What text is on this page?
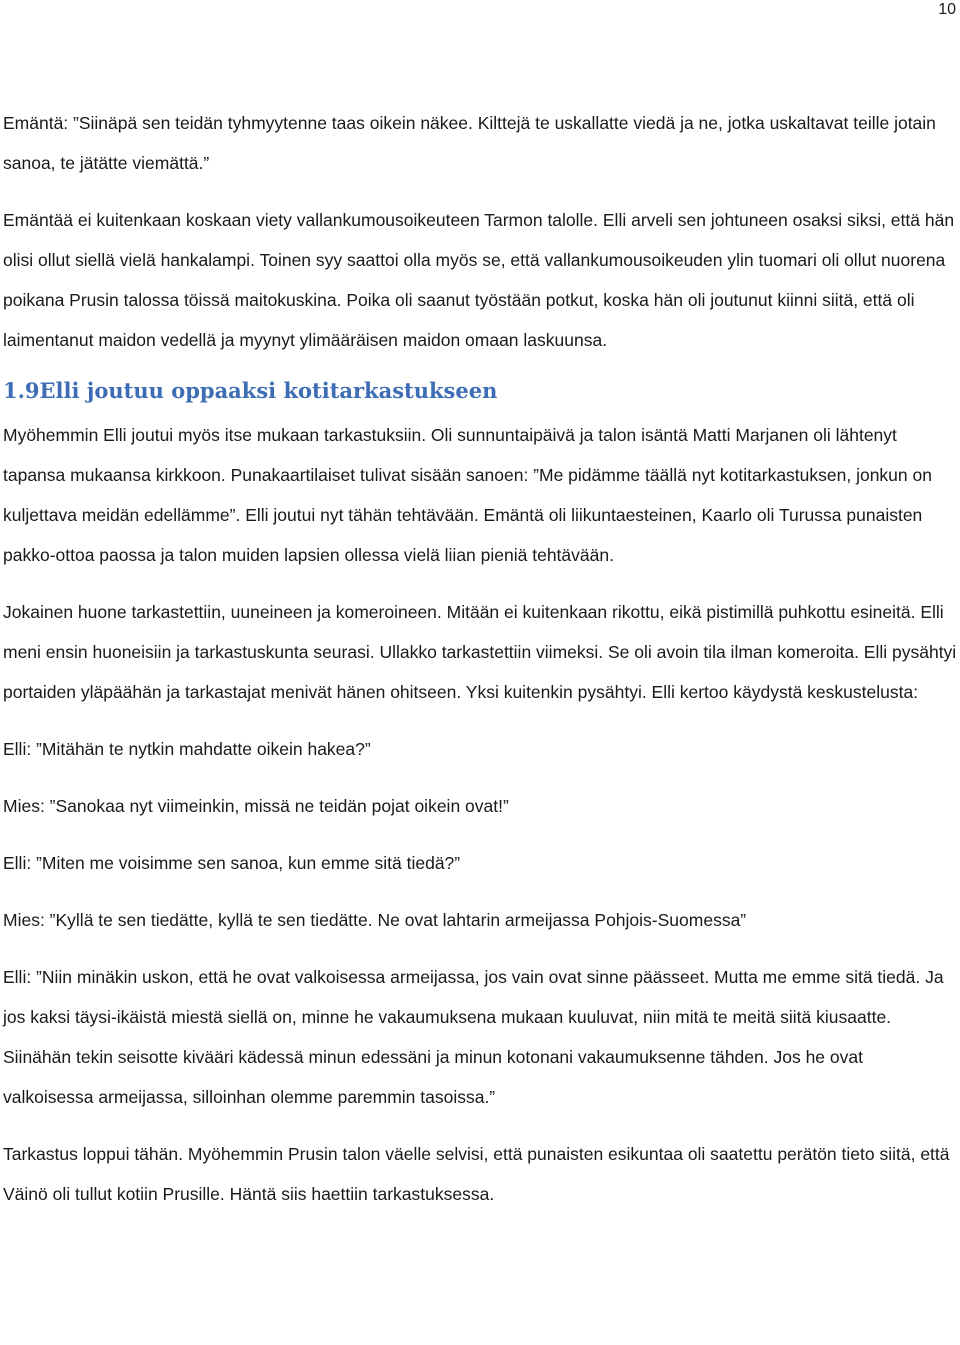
10

Emäntä: ”Siinäpä sen teidän tyhmyytenne taas oikein näkee. Kilttejä te uskallatte viedä ja ne, jotka uskaltavat teille jotain sanoa, te jätätte viemättä.”

Emäntää ei kuitenkaan koskaan viety vallankumousoikeuteen Tarmon talolle. Elli arveli sen johtuneen osaksi siksi, että hän olisi ollut siellä vielä hankalampi. Toinen syy saattoi olla myös se, että vallankumousoikeuden ylin tuomari oli ollut nuorena poikana Prusin talossa töissä maitokuskina. Poika oli saanut työstään potkut, koska hän oli joutunut kiinni siitä, että oli laimentanut maidon vedellä ja myynyt ylimääräisen maidon omaan laskuunsa.

1.9Elli joutuu oppaaksi kotitarkastukseen

Myöhemmin Elli joutui myös itse mukaan tarkastuksiin. Oli sunnuntaipäivä ja talon isäntä Matti Marjanen oli lähtenyt tapansa mukaansa kirkkoon. Punakaartilaiset tulivat sisään sanoen: ”Me pidämme täällä nyt kotitarkastuksen, jonkun on kuljettava meidän edellämme”. Elli joutui nyt tähän tehtävään. Emäntä oli liikuntaesteinen, Kaarlo oli Turussa punaisten pakko-ottoa paossa ja talon muiden lapsien ollessa vielä liian pieniä tehtävään.

Jokainen huone tarkastettiin, uuneineen ja komeroineen. Mitään ei kuitenkaan rikottu, eikä pistimillä puhkottu esineitä. Elli meni ensin huoneisiin ja tarkastuskunta seurasi. Ullakko tarkastettiin viimeksi. Se oli avoin tila ilman komeroita. Elli pysähtyi portaiden yläpäähän ja tarkastajat menivät hänen ohitseen. Yksi kuitenkin pysähtyi. Elli kertoo käydystä keskustelusta:

Elli: ”Mitähän te nytkin mahdatte oikein hakea?”

Mies: ”Sanokaa nyt viimeinkin, missä ne teidän pojat oikein ovat!”

Elli: ”Miten me voisimme sen sanoa, kun emme sitä tiedä?”

Mies: ”Kyllä te sen tiedätte, kyllä te sen tiedätte. Ne ovat lahtarin armeijassa Pohjois-Suomessa”

Elli: ”Niin minäkin uskon, että he ovat valkoisessa armeijassa, jos vain ovat sinne päässeet. Mutta me emme sitä tiedä. Ja jos kaksi täysi-ikäistä miestä siellä on, minne he vakaumuksena mukaan kuuluvat, niin mitä te meitä siitä kiusaatte. Siinähän tekin seisotte kivääri kädessä minun edessäni ja minun kotonani vakaumuksenne tähden. Jos he ovat valkoisessa armeijassa, silloinhan olemme paremmin tasoissa.”

Tarkastus loppui tähän. Myöhemmin Prusin talon väelle selvisi, että punaisten esikuntaa oli saatettu perätön tieto siitä, että Väinö oli tullut kotiin Prusille. Häntä siis haettiin tarkastuksessa.
